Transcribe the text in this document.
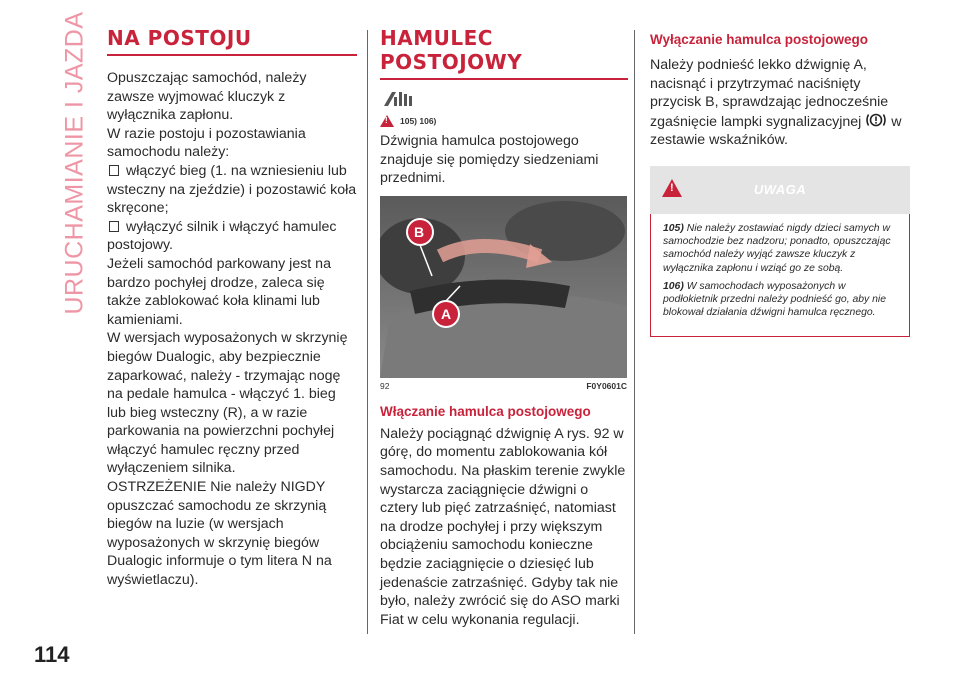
URUCHAMIANIE I JAZDA
114
NA POSTOJU

Opuszczając samochód, należy zawsze wyjmować kluczyk z wyłącznika zapłonu.

W razie postoju i pozostawiania samochodu należy:

włączyć bieg (1. na wzniesieniu lub wsteczny na zjeździe) i pozostawić koła skręcone;

wyłączyć silnik i włączyć hamulec postojowy.

Jeżeli samochód parkowany jest na bardzo pochyłej drodze, zaleca się także zablokować koła klinami lub kamieniami.

W wersjach wyposażonych w skrzynię biegów Dualogic, aby bezpiecznie zaparkować, należy - trzymając nogę na pedale hamulca - włączyć 1. bieg lub bieg wsteczny (R), a w razie parkowania na powierzchni pochyłej włączyć hamulec ręczny przed wyłączeniem silnika.

OSTRZEŻENIE Nie należy NIGDY opuszczać samochodu ze skrzynią biegów na luzie (w wersjach wyposażonych w skrzynię biegów Dualogic informuje o tym litera N na wyświetlaczu).

HAMULEC
POSTOJOWY
! 105) 106)
Dźwignia hamulca postojowego znajduje się pomiędzy siedzeniami przednimi.
B
A
92	F0Y0601C
Włączanie hamulca postojowego
Należy pociągnąć dźwignię A rys. 92 w górę, do momentu zablokowania kół samochodu. Na płaskim terenie zwykle wystarcza zaciągnięcie dźwigni o cztery lub pięć zatrzaśnięć, natomiast na drodze pochyłej i przy większym obciążeniu samochodu konieczne będzie zaciągnięcie o dziesięć lub jedenaście zatrzaśnięć. Gdyby tak nie było, należy zwrócić się do ASO marki Fiat w celu wykonania regulacji.
Wyłączanie hamulca postojowego
Należy podnieść lekko dźwignię A, nacisnąć i przytrzymać naciśnięty przycisk B, sprawdzając jednocześnie zgaśnięcie lampki sygnalizacyjnej w zestawie wskaźników.
!	UWAGA

105) Nie należy zostawiać nigdy dzieci samych w samochodzie bez nadzoru; ponadto, opuszczając samochód należy wyjąć zawsze kluczyk z wyłącznika zapłonu i wziąć go ze sobą.

106) W samochodach wyposażonych w podłokietnik przedni należy podnieść go, aby nie blokował działania dźwigni hamulca ręcznego.
